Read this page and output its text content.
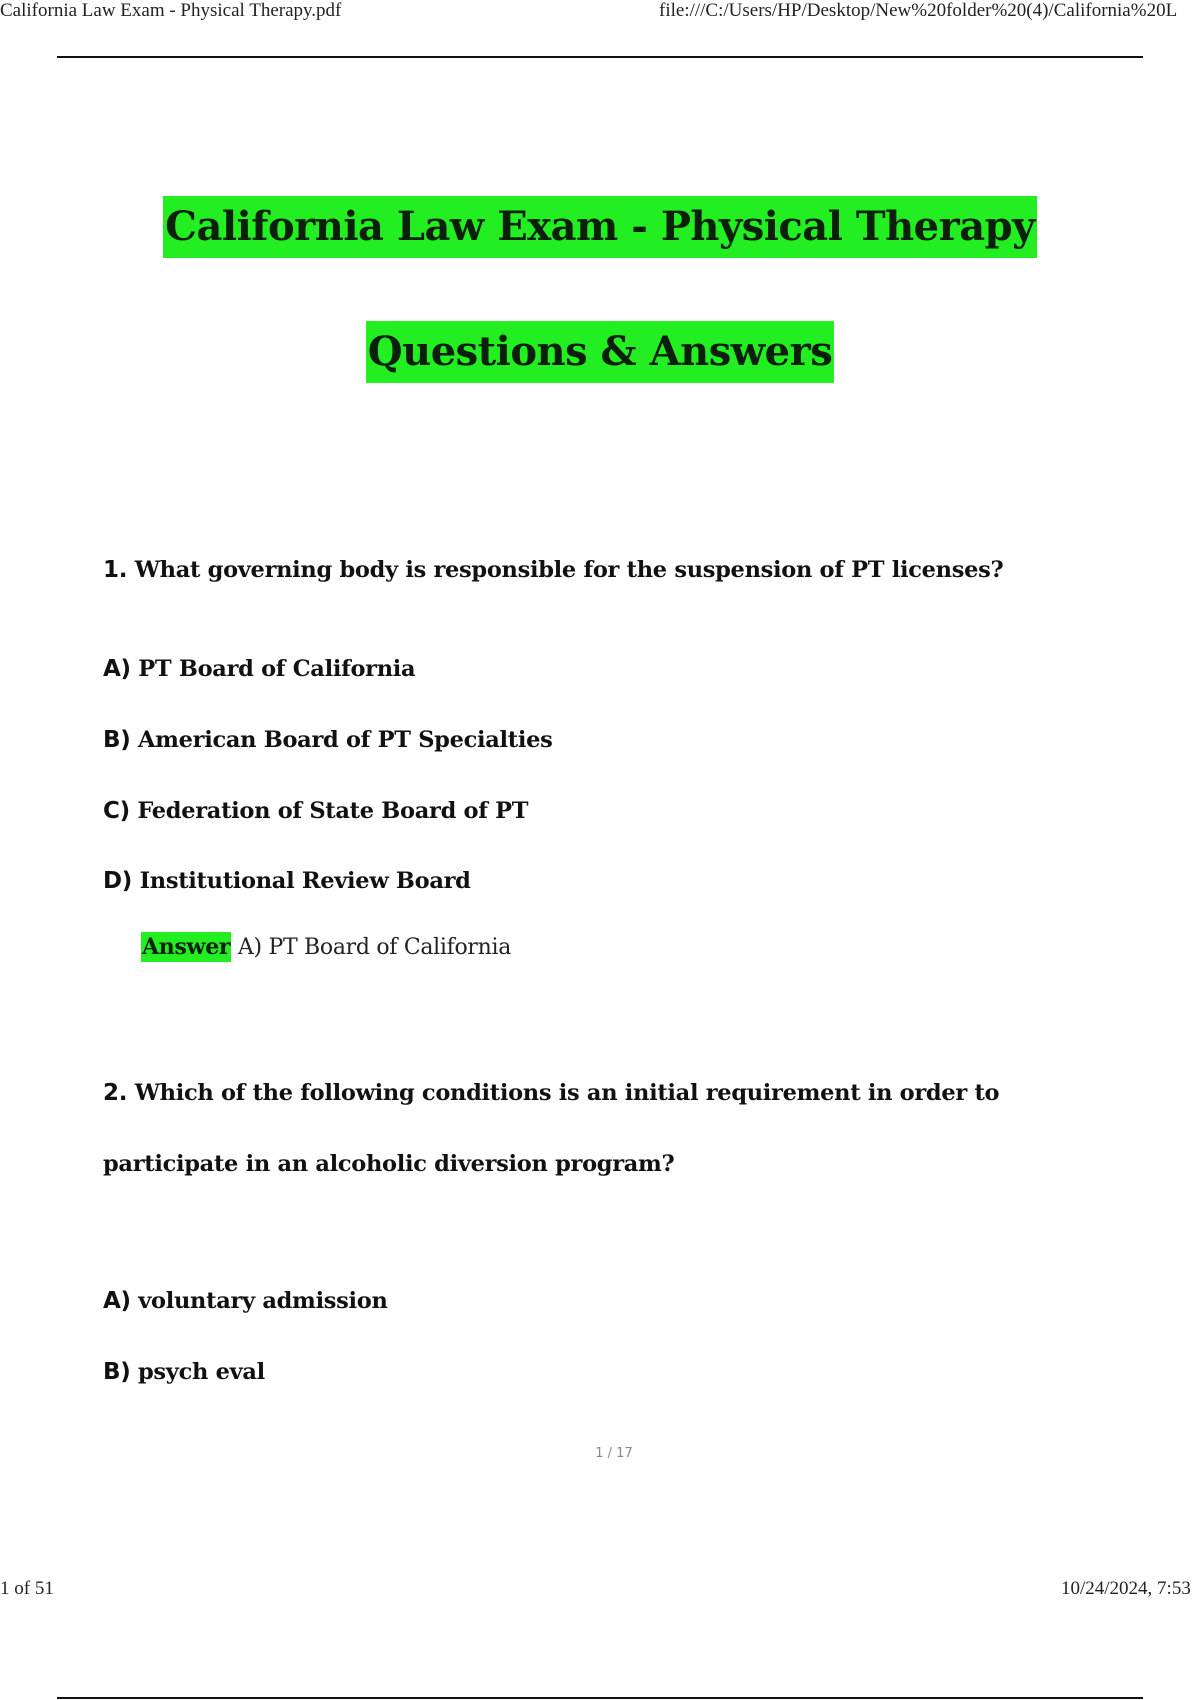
California Law Exam - Physical Therapy.pdf	file:///C:/Users/HP/Desktop/New%20folder%20(4)/California%20L
California Law Exam - Physical Therapy
Questions & Answers
1. What governing body is responsible for the suspension of PT licenses?
A) PT Board of California
B) American Board of PT Specialties
C) Federation of State Board of PT
D) Institutional Review Board
Answer A) PT Board of California
2. Which of the following conditions is an initial requirement in order to
participate in an alcoholic diversion program?
A) voluntary admission
B) psych eval
1 / 17
1 of 51	10/24/2024, 7:53
